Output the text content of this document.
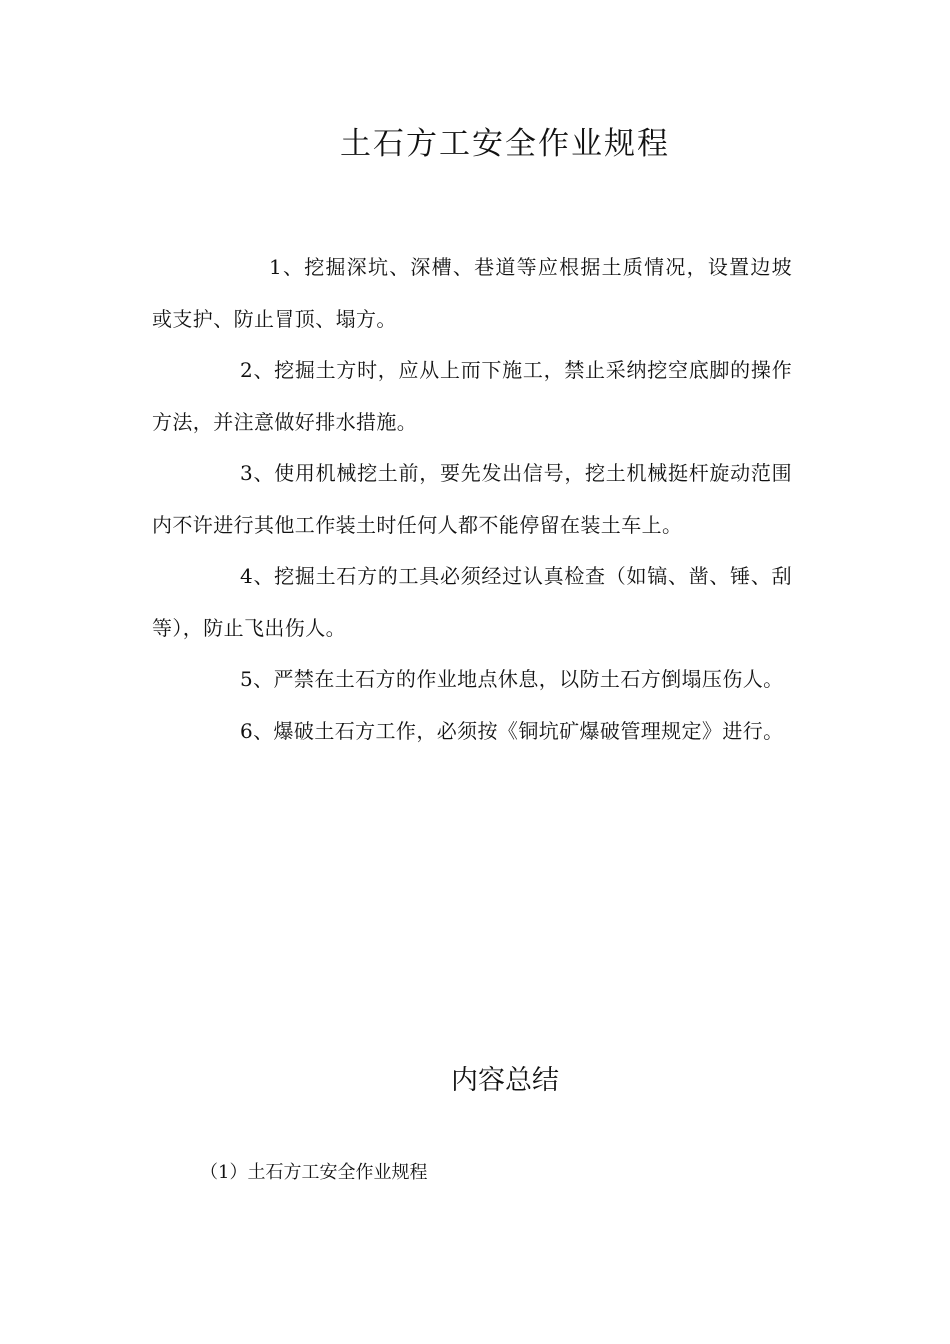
土石方工安全作业规程

1、挖掘深坑、深槽、巷道等应根据土质情况，设置边坡或支护、防止冒顶、塌方。

2、挖掘土方时，应从上而下施工，禁止采纳挖空底脚的操作方法，并注意做好排水措施。

3、使用机械挖土前，要先发出信号，挖土机械挺杆旋动范围内不许进行其他工作装土时任何人都不能停留在装土车上。

4、挖掘土石方的工具必须经过认真检查（如镐、凿、锤、刮等），防止飞出伤人。

5、严禁在土石方的作业地点休息，以防土石方倒塌压伤人。

6、爆破土石方工作，必须按《铜坑矿爆破管理规定》进行。

内容总结

（1）土石方工安全作业规程
